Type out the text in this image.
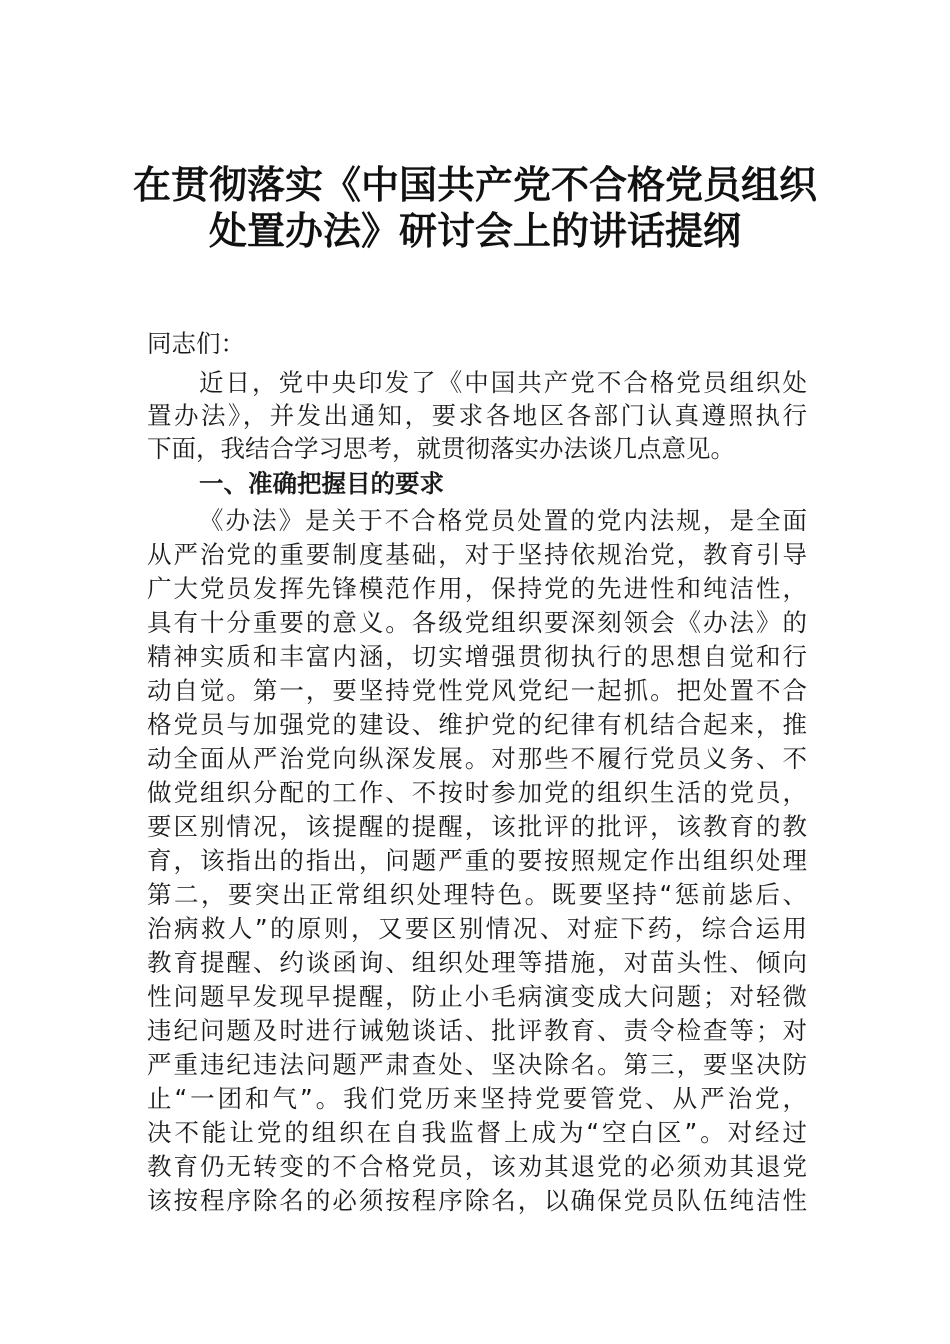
在贯彻落实《中国共产党不合格党员组织
处置办法》研讨会上的讲话提纲
同志们：
近日，党中央印发了《中国共产党不合格党员组织处
置办法》，并发出通知，要求各地区各部门认真遵照执行
下面，我结合学习思考，就贯彻落实办法谈几点意见。
一、准确把握目的要求
《办法》是关于不合格党员处置的党内法规，是全面
从严治党的重要制度基础，对于坚持依规治党，教育引导
广大党员发挥先锋模范作用，保持党的先进性和纯洁性，
具有十分重要的意义。各级党组织要深刻领会《办法》的
精神实质和丰富内涵，切实增强贯彻执行的思想自觉和行
动自觉。第一，要坚持党性党风党纪一起抓。把处置不合
格党员与加强党的建设、维护党的纪律有机结合起来，推
动全面从严治党向纵深发展。对那些不履行党员义务、不
做党组织分配的工作、不按时参加党的组织生活的党员，
要区别情况，该提醒的提醒，该批评的批评，该教育的教
育，该指出的指出，问题严重的要按照规定作出组织处理
第二，要突出正常组织处理特色。既要坚持“惩前毖后、
治病救人”的原则，又要区别情况、对症下药，综合运用
教育提醒、约谈函询、组织处理等措施，对苗头性、倾向
性问题早发现早提醒，防止小毛病演变成大问题；对轻微
违纪问题及时进行诫勉谈话、批评教育、责令检查等；对
严重违纪违法问题严肃查处、坚决除名。第三，要坚决防
止“一团和气”。我们党历来坚持党要管党、从严治党，
决不能让党的组织在自我监督上成为“空白区”。对经过
教育仍无转变的不合格党员，该劝其退党的必须劝其退党
该按程序除名的必须按程序除名，以确保党员队伍纯洁性
